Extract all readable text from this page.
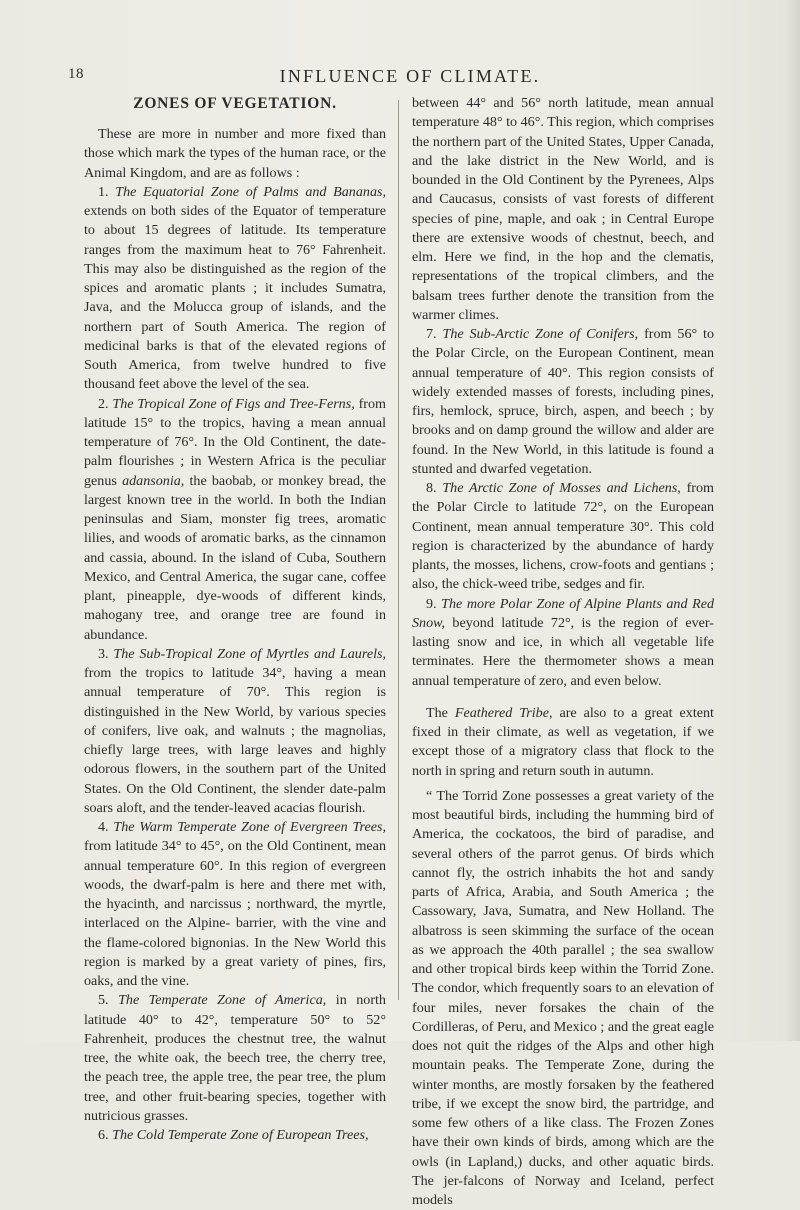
18	INFLUENCE OF CLIMATE.
ZONES OF VEGETATION.

These are more in number and more fixed than those which mark the types of the human race, or the Animal Kingdom, and are as follows :

1. The Equatorial Zone of Palms and Bananas, extends on both sides of the Equator of temperature to about 15 degrees of latitude. Its temperature ranges from the maximum heat to 76° Fahrenheit. This may also be distinguished as the region of the spices and aromatic plants ; it includes Sumatra, Java, and the Molucca group of islands, and the northern part of South America. The region of medicinal barks is that of the elevated regions of South America, from twelve hundred to five thousand feet above the level of the sea.

2. The Tropical Zone of Figs and Tree-Ferns, from latitude 15° to the tropics, having a mean annual temperature of 76°. In the Old Continent, the date-palm flourishes ; in Western Africa is the peculiar genus adansonia, the baobab, or monkey bread, the largest known tree in the world. In both the Indian peninsulas and Siam, monster fig trees, aromatic lilies, and woods of aromatic barks, as the cinnamon and cassia, abound. In the island of Cuba, Southern Mexico, and Central America, the sugar cane, coffee plant, pineapple, dye-woods of different kinds, mahogany tree, and orange tree are found in abundance.

3. The Sub-Tropical Zone of Myrtles and Laurels, from the tropics to latitude 34°, having a mean annual temperature of 70°. This region is distinguished in the New World, by various species of conifers, live oak, and walnuts ; the magnolias, chiefly large trees, with large leaves and highly odorous flowers, in the southern part of the United States. On the Old Continent, the slender date-palm soars aloft, and the tender-leaved acacias flourish.

4. The Warm Temperate Zone of Evergreen Trees, from latitude 34° to 45°, on the Old Continent, mean annual temperature 60°. In this region of evergreen woods, the dwarf-palm is here and there met with, the hyacinth, and narcissus ; northward, the myrtle, interlaced on the Alpine- barrier, with the vine and the flame-colored bignonias. In the New World this region is marked by a great variety of pines, firs, oaks, and the vine.

5. The Temperate Zone of America, in north latitude 40° to 42°, temperature 50° to 52° Fahrenheit, produces the chestnut tree, the walnut tree, the white oak, the beech tree, the cherry tree, the peach tree, the apple tree, the pear tree, the plum tree, and other fruit-bearing species, together with nutricious grasses.

6. The Cold Temperate Zone of European Trees,

between 44° and 56° north latitude, mean annual temperature 48° to 46°. This region, which comprises the northern part of the United States, Upper Canada, and the lake district in the New World, and is bounded in the Old Continent by the Pyrenees, Alps and Caucasus, consists of vast forests of different species of pine, maple, and oak ; in Central Europe there are extensive woods of chestnut, beech, and elm. Here we find, in the hop and the clematis, representations of the tropical climbers, and the balsam trees further denote the transition from the warmer climes.

7. The Sub-Arctic Zone of Conifers, from 56° to the Polar Circle, on the European Continent, mean annual temperature of 40°. This region consists of widely extended masses of forests, including pines, firs, hemlock, spruce, birch, aspen, and beech ; by brooks and on damp ground the willow and alder are found. In the New World, in this latitude is found a stunted and dwarfed vegetation.

8. The Arctic Zone of Mosses and Lichens, from the Polar Circle to latitude 72°, on the European Continent, mean annual temperature 30°. This cold region is characterized by the abundance of hardy plants, the mosses, lichens, crow-foots and gentians ; also, the chick-weed tribe, sedges and fir.

9. The more Polar Zone of Alpine Plants and Red Snow, beyond latitude 72°, is the region of ever-lasting snow and ice, in which all vegetable life terminates. Here the thermometer shows a mean annual temperature of zero, and even below.

The Feathered Tribe, are also to a great extent fixed in their climate, as well as vegetation, if we except those of a migratory class that flock to the north in spring and return south in autumn.

“ The Torrid Zone possesses a great variety of the most beautiful birds, including the humming bird of America, the cockatoos, the bird of paradise, and several others of the parrot genus. Of birds which cannot fly, the ostrich inhabits the hot and sandy parts of Africa, Arabia, and South America ; the Cassowary, Java, Sumatra, and New Holland. The albatross is seen skimming the surface of the ocean as we approach the 40th parallel ; the sea swallow and other tropical birds keep within the Torrid Zone. The condor, which frequently soars to an elevation of four miles, never forsakes the chain of the Cordilleras, of Peru, and Mexico ; and the great eagle does not quit the ridges of the Alps and other high mountain peaks. The Temperate Zone, during the winter months, are mostly forsaken by the feathered tribe, if we except the snow bird, the partridge, and some few others of a like class. The Frozen Zones have their own kinds of birds, among which are the owls (in Lapland,) ducks, and other aquatic birds. The jer-falcons of Norway and Iceland, perfect models
